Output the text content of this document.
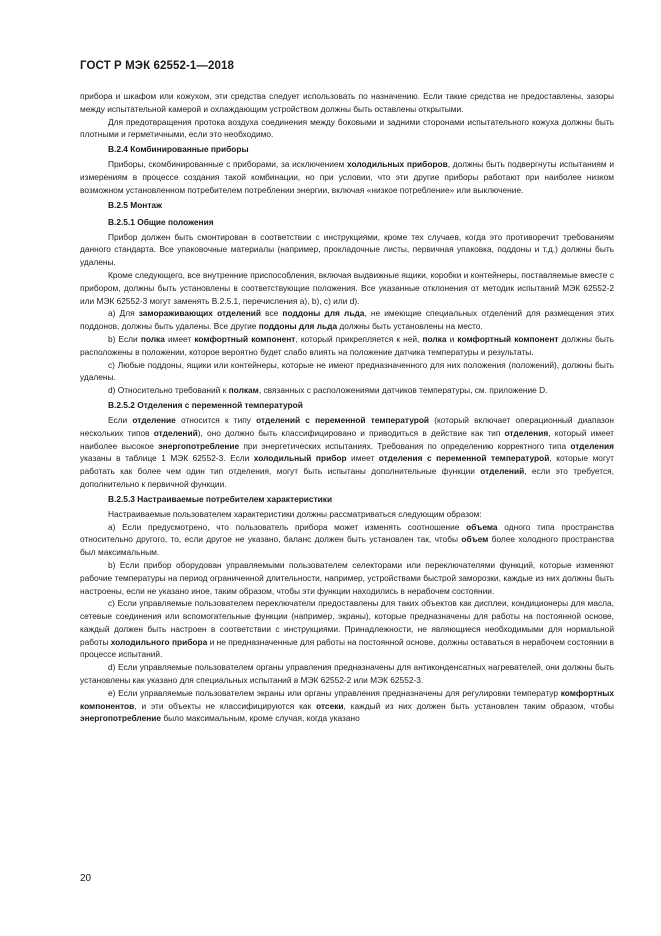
ГОСТ Р МЭК 62552-1—2018

прибора и шкафом или кожухом, эти средства следует использовать по назначению. Если такие средства не предоставлены, зазоры между испытательной камерой и охлаждающим устройством должны быть оставлены открытыми.

Для предотвращения протока воздуха соединения между боковыми и задними сторонами испытательного кожуха должны быть плотными и герметичными, если это необходимо.

B.2.4 Комбинированные приборы

Приборы, скомбинированные с приборами, за исключением холодильных приборов, должны быть подвергнуты испытаниям и измерениям в процессе создания такой комбинации, но при условии, что эти другие приборы работают при наиболее низком возможном установленном потребителем потреблении энергии, включая «низкое потребление» или выключение.

B.2.5 Монтаж
B.2.5.1 Общие положения

Прибор должен быть смонтирован в соответствии с инструкциями, кроме тех случаев, когда это противоречит требованиям данного стандарта. Все упаковочные материалы (например, прокладочные листы, первичная упаковка, поддоны и т.д.) должны быть удалены.

Кроме следующего, все внутренние приспособления, включая выдвижные ящики, коробки и контейнеры, поставляемые вместе с прибором, должны быть установлены в соответствующие положения. Все указанные отклонения от методик испытаний МЭК 62552-2 или МЭК 62552-3 могут заменять B.2.5.1, перечисления a), b), c) или d).

a) Для замораживающих отделений все поддоны для льда, не имеющие специальных отделений для размещения этих поддонов, должны быть удалены. Все другие поддоны для льда должны быть установлены на место.

b) Если полка имеет комфортный компонент, который прикрепляется к ней, полка и комфортный компонент должны быть расположены в положении, которое вероятно будет слабо влиять на положение датчика температуры и результаты.

c) Любые поддоны, ящики или контейнеры, которые не имеют предназначенного для них положения (положений), должны быть удалены.

d) Относительно требований к полкам, связанных с расположениями датчиков температуры, см. приложение D.

B.2.5.2 Отделения с переменной температурой

Если отделение относится к типу отделений с переменной температурой (который включает операционный диапазон нескольких типов отделений), оно должно быть классифицировано и приводиться в действие как тип отделения, который имеет наиболее высокое энергопотребление при энергетических испытаниях. Требования по определению корректного типа отделения указаны в таблице 1 МЭК 62552-3. Если холодильный прибор имеет отделения с переменной температурой, которые могут работать как более чем один тип отделения, могут быть испытаны дополнительные функции отделений, если это требуется, дополнительно к первичной функции.

B.2.5.3 Настраиваемые потребителем характеристики

Настраиваемые пользователем характеристики должны рассматриваться следующим образом:

a) Если предусмотрено, что пользователь прибора может изменять соотношение объема одного типа пространства относительно другого, то, если другое не указано, баланс должен быть установлен так, чтобы объем более холодного пространства был максимальным.

b) Если прибор оборудован управляемыми пользователем селекторами или переключателями функций, которые изменяют рабочие температуры на период ограниченной длительности, например, устройствами быстрой заморозки, каждые из них должны быть настроены, если не указано иное, таким образом, чтобы эти функции находились в нерабочем состоянии.

c) Если управляемые пользователем переключатели предоставлены для таких объектов как дисплеи, кондиционеры для масла, сетевые соединения или вспомогательные функции (например, экраны), которые предназначены для работы на постоянной основе, каждый должен быть настроен в соответствии с инструкциями. Принадлежности, не являющиеся необходимыми для нормальной работы холодильного прибора и не предназначенные для работы на постоянной основе, должны оставаться в нерабочем состоянии в процессе испытаний.

d) Если управляемые пользователем органы управления предназначены для антиконденсатных нагревателей, они должны быть установлены как указано для специальных испытаний в МЭК 62552-2 или МЭК 62552-3.

e) Если управляемые пользователем экраны или органы управления предназначены для регулировки температур комфортных компонентов, и эти объекты не классифицируются как отсеки, каждый из них должен быть установлен таким образом, чтобы энергопотребление было максимальным, кроме случая, когда указано

20
